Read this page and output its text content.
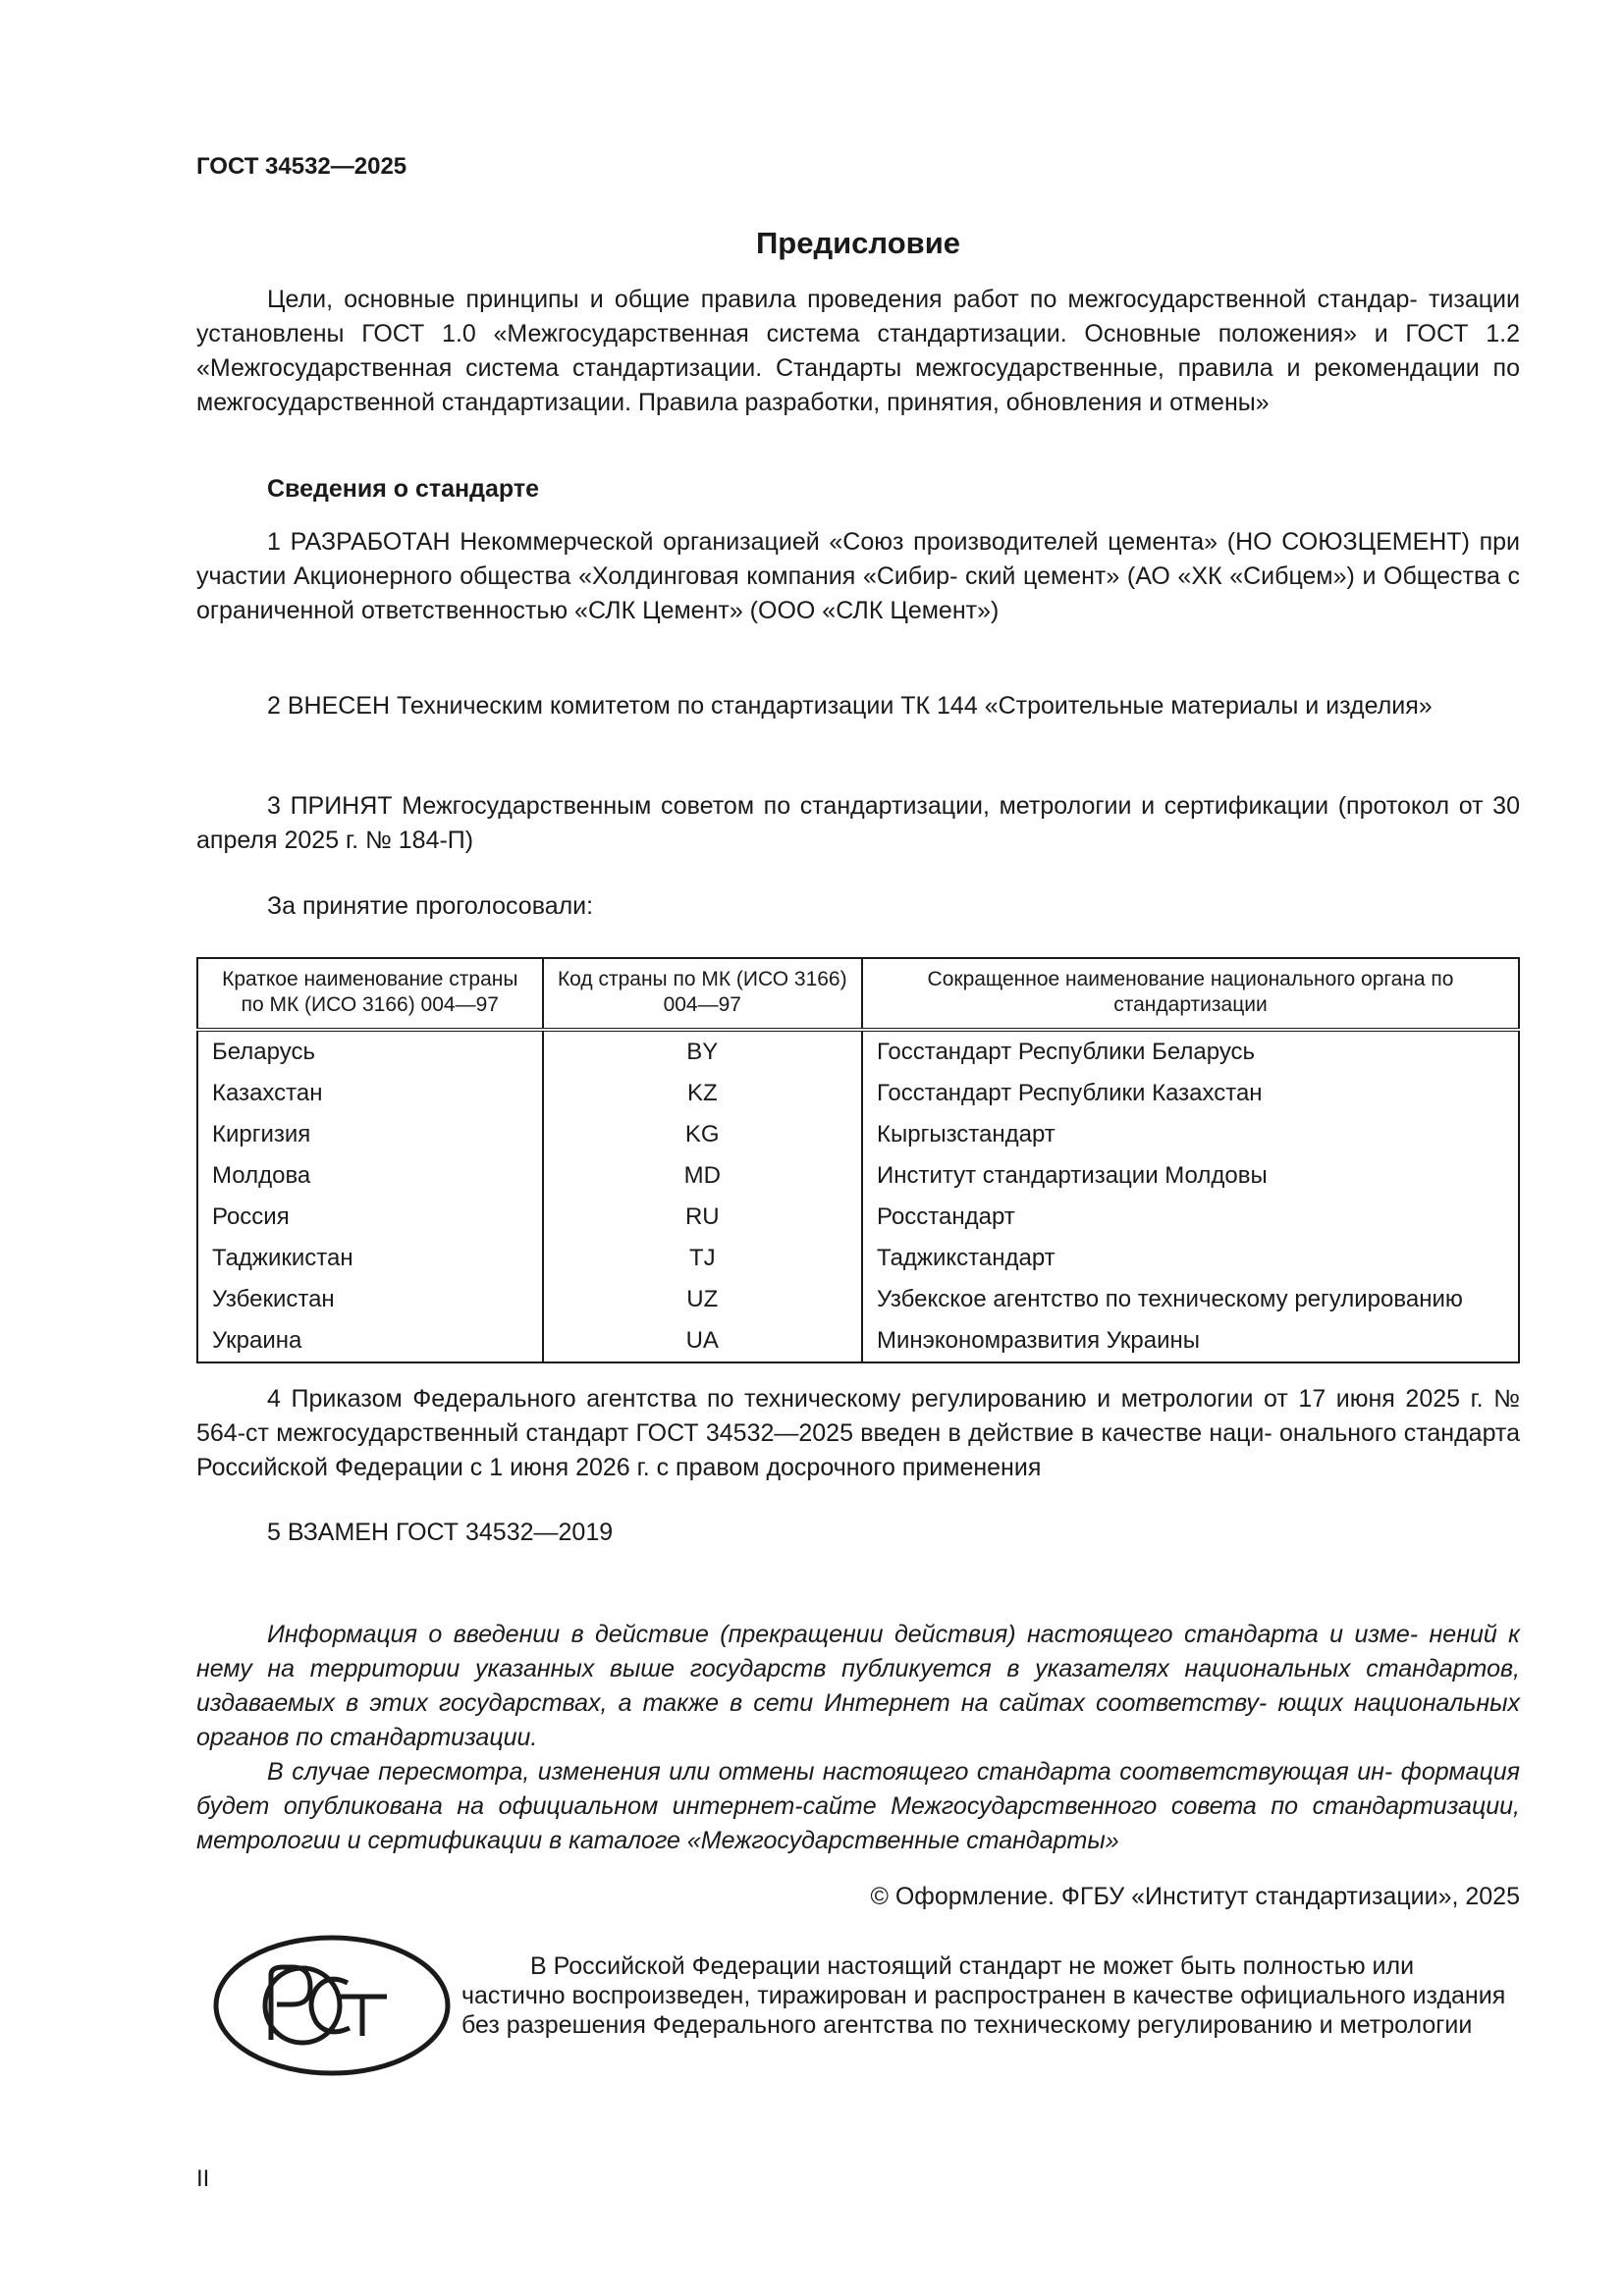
ГОСТ 34532—2025
Предисловие

Цели, основные принципы и общие правила проведения работ по межгосударственной стандар- тизации установлены ГОСТ 1.0 «Межгосударственная система стандартизации. Основные положения» и ГОСТ 1.2 «Межгосударственная система стандартизации. Стандарты межгосударственные, правила и рекомендации по межгосударственной стандартизации. Правила разработки, принятия, обновления и отмены»

Сведения о стандарте

1 РАЗРАБОТАН Некоммерческой организацией «Союз производителей цемента» (НО СОЮЗЦЕМЕНТ) при участии Акционерного общества «Холдинговая компания «Сибир- ский цемент» (АО «ХК «Сибцем») и Общества с ограниченной ответственностью «СЛК Цемент» (ООО «СЛК Цемент»)

2 ВНЕСЕН Техническим комитетом по стандартизации ТК 144 «Строительные материалы и изделия»

3 ПРИНЯТ Межгосударственным советом по стандартизации, метрологии и сертификации (протокол от 30 апреля 2025 г. № 184-П)

За принятие проголосовали:

Краткое наименование страны по МК (ИСО 3166) 004—97	Код страны по МК (ИСО 3166) 004—97	Сокращенное наименование национального органа по стандартизации
Беларусь	BY	Госстандарт Республики Беларусь
Казахстан	KZ	Госстандарт Республики Казахстан
Киргизия	KG	Кыргызстандарт
Молдова	MD	Институт стандартизации Молдовы
Россия	RU	Росстандарт
Таджикистан	TJ	Таджикстандарт
Узбекистан	UZ	Узбекское агентство по техническому регулированию
Украина	UA	Минэкономразвития Украины

4 Приказом Федерального агентства по техническому регулированию и метрологии от 17 июня 2025 г. № 564-ст межгосударственный стандарт ГОСТ 34532—2025 введен в действие в качестве наци- онального стандарта Российской Федерации с 1 июня 2026 г. с правом досрочного применения

5 ВЗАМЕН ГОСТ 34532—2019

Информация о введении в действие (прекращении действия) настоящего стандарта и изме- нений к нему на территории указанных выше государств публикуется в указателях национальных стандартов, издаваемых в этих государствах, а также в сети Интернет на сайтах соответству- ющих национальных органов по стандартизации.

В случае пересмотра, изменения или отмены настоящего стандарта соответствующая ин- формация будет опубликована на официальном интернет-сайте Межгосударственного совета по стандартизации, метрологии и сертификации в каталоге «Межгосударственные стандарты»

© Оформление. ФГБУ «Институт стандартизации», 2025

В Российской Федерации настоящий стандарт не может быть полностью или частично воспроизведен, тиражирован и распространен в качестве официального издания без разрешения Федерального агентства по техническому регулированию и метрологии

II
